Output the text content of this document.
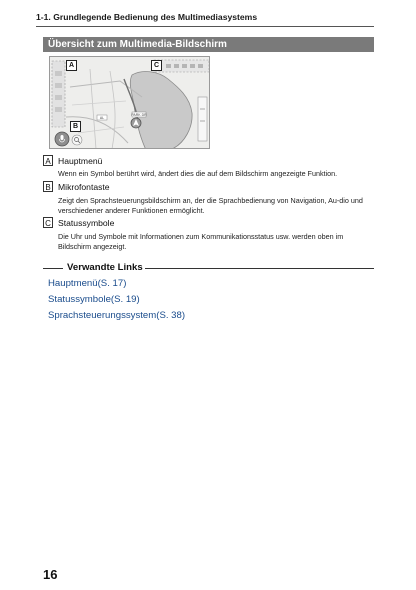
1-1. Grundlegende Bedienung des Multimediasystems
Übersicht zum Multimedia-Bildschirm
PARK DR
AL
A
B
C
A Hauptmenü
Wenn ein Symbol berührt wird, ändert dies die auf dem Bildschirm angezeigte Funktion.
B Mikrofontaste
Zeigt den Sprachsteuerungsbildschirm an, der die Sprachbedienung von Navigation, Au-dio und verschiedener anderer Funktionen ermöglicht.
C Statussymbole
Die Uhr und Symbole mit Informationen zum Kommunikationsstatus usw. werden oben im Bildschirm angezeigt.
Verwandte Links
Hauptmenü(S. 17)
Statussymbole(S. 19)
Sprachsteuerungssystem(S. 38)
16
